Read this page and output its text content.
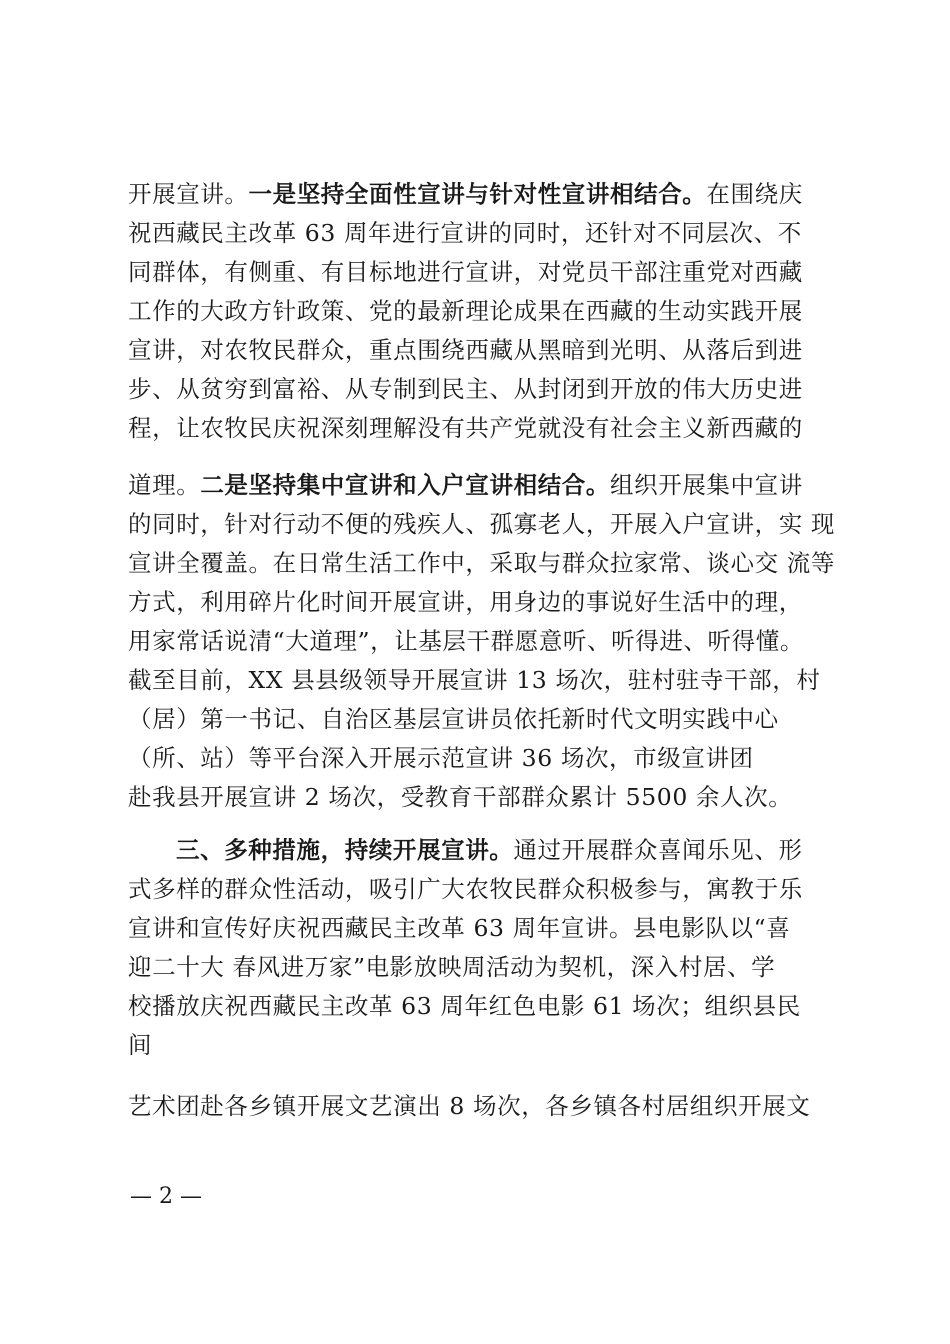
开展宣讲。一是坚持全面性宣讲与针对性宣讲相结合。在围绕庆
祝西藏民主改革 63 周年进行宣讲的同时，还针对不同层次、不
同群体，有侧重、有目标地进行宣讲，对党员干部注重党对西藏
工作的大政方针政策、党的最新理论成果在西藏的生动实践开展
宣讲，对农牧民群众，重点围绕西藏从黑暗到光明、从落后到进
步、从贫穷到富裕、从专制到民主、从封闭到开放的伟大历史进
程，让农牧民庆祝深刻理解没有共产党就没有社会主义新西藏的
道理。二是坚持集中宣讲和入户宣讲相结合。组织开展集中宣讲
的同时，针对行动不便的残疾人、孤寡老人，开展入户宣讲，实 现
宣讲全覆盖。在日常生活工作中，采取与群众拉家常、谈心交 流等
方式，利用碎片化时间开展宣讲，用身边的事说好生活中的理，
用家常话说清“大道理”，让基层干群愿意听、听得进、听得懂。
截至目前，XX 县县级领导开展宣讲 13 场次，驻村驻寺干部，村
（居）第一书记、自治区基层宣讲员依托新时代文明实践中心
（所、站）等平台深入开展示范宣讲 36 场次，市级宣讲团
赴我县开展宣讲 2 场次，受教育干部群众累计 5500 余人次。
三、多种措施，持续开展宣讲。通过开展群众喜闻乐见、形
式多样的群众性活动，吸引广大农牧民群众积极参与，寓教于乐
宣讲和宣传好庆祝西藏民主改革 63 周年宣讲。县电影队以“喜
迎二十大 春风进万家”电影放映周活动为契机，深入村居、学
校播放庆祝西藏民主改革 63 周年红色电影 61 场次；组织县民
间
艺术团赴各乡镇开展文艺演出 8 场次，各乡镇各村居组织开展文
— 2 —
